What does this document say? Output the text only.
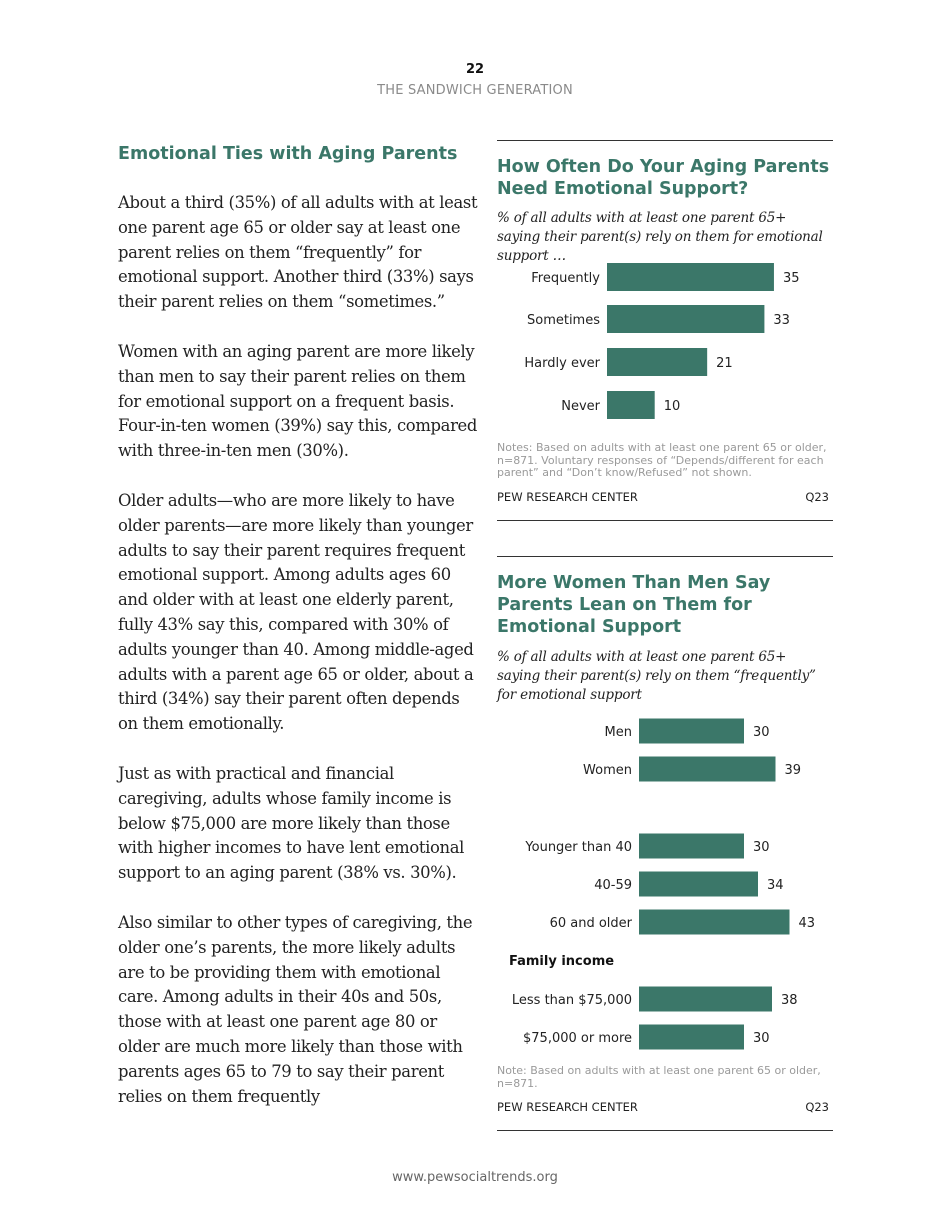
22
THE SANDWICH GENERATION
Emotional Ties with Aging Parents

About a third (35%) of all adults with at least one parent age 65 or older say at least one parent relies on them “frequently” for emotional support. Another third (33%) says their parent relies on them “sometimes.”

Women with an aging parent are more likely than men to say their parent relies on them for emotional support on a frequent basis. Four-in-ten women (39%) say this, compared with three-in-ten men (30%).

Older adults—who are more likely to have older parents—are more likely than younger adults to say their parent requires frequent emotional support. Among adults ages 60 and older with at least one elderly parent, fully 43% say this, compared with 30% of adults younger than 40. Among middle-aged adults with a parent age 65 or older, about a third (34%) say their parent often depends on them emotionally.

Just as with practical and financial caregiving, adults whose family income is below $75,000 are more likely than those with higher incomes to have lent emotional support to an aging parent (38% vs. 30%).

Also similar to other types of caregiving, the older one’s parents, the more likely adults are to be providing them with emotional care. Among adults in their 40s and 50s, those with at least one parent age 80 or older are much more likely than those with parents ages 65 to 79 to say their parent relies on them frequently

How Often Do Your Aging Parents Need Emotional Support?

% of all adults with at least one parent 65+ saying their parent(s) rely on them for emotional support …

Frequently	35
Sometimes	33
Hardly ever	21
Never	10

Notes: Based on adults with at least one parent 65 or older, n=871. Voluntary responses of “Depends/different for each parent” and “Don’t know/Refused” not shown.

PEW RESEARCH CENTER	Q23
More Women Than Men Say Parents Lean on Them for Emotional Support

% of all adults with at least one parent 65+ saying their parent(s) rely on them “frequently” for emotional support

Men	30
Women	39
Younger than 40	30
40-59	34
60 and older	43
Less than $75,000	38
$75,000 or more	30
Family income

Note: Based on adults with at least one parent 65 or older, n=871.

PEW RESEARCH CENTER	Q23
www.pewsocialtrends.org
